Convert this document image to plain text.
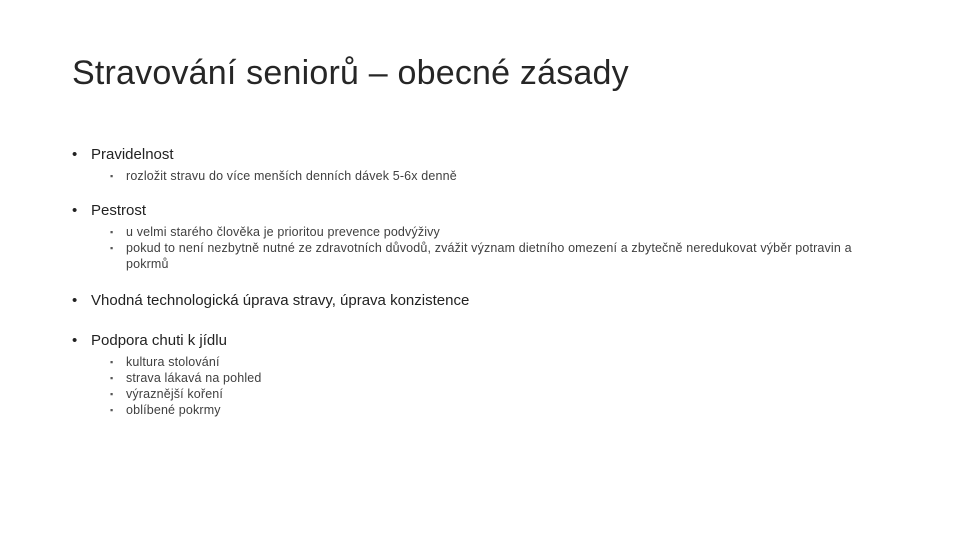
Stravování seniorů – obecné zásady
• Pravidelnost
▪ rozložit stravu do více menších denních dávek 5-6x denně
• Pestrost
▪ u velmi starého člověka je prioritou prevence podvýživy
▪ pokud to není nezbytně nutné ze zdravotních důvodů, zvážit význam dietního omezení a zbytečně neredukovat výběr potravin a pokrmů
• Vhodná technologická úprava stravy, úprava konzistence
• Podpora chuti k jídlu
▪ kultura stolování
▪ strava lákavá na pohled
▪ výraznější koření
▪ oblíbené pokrmy
